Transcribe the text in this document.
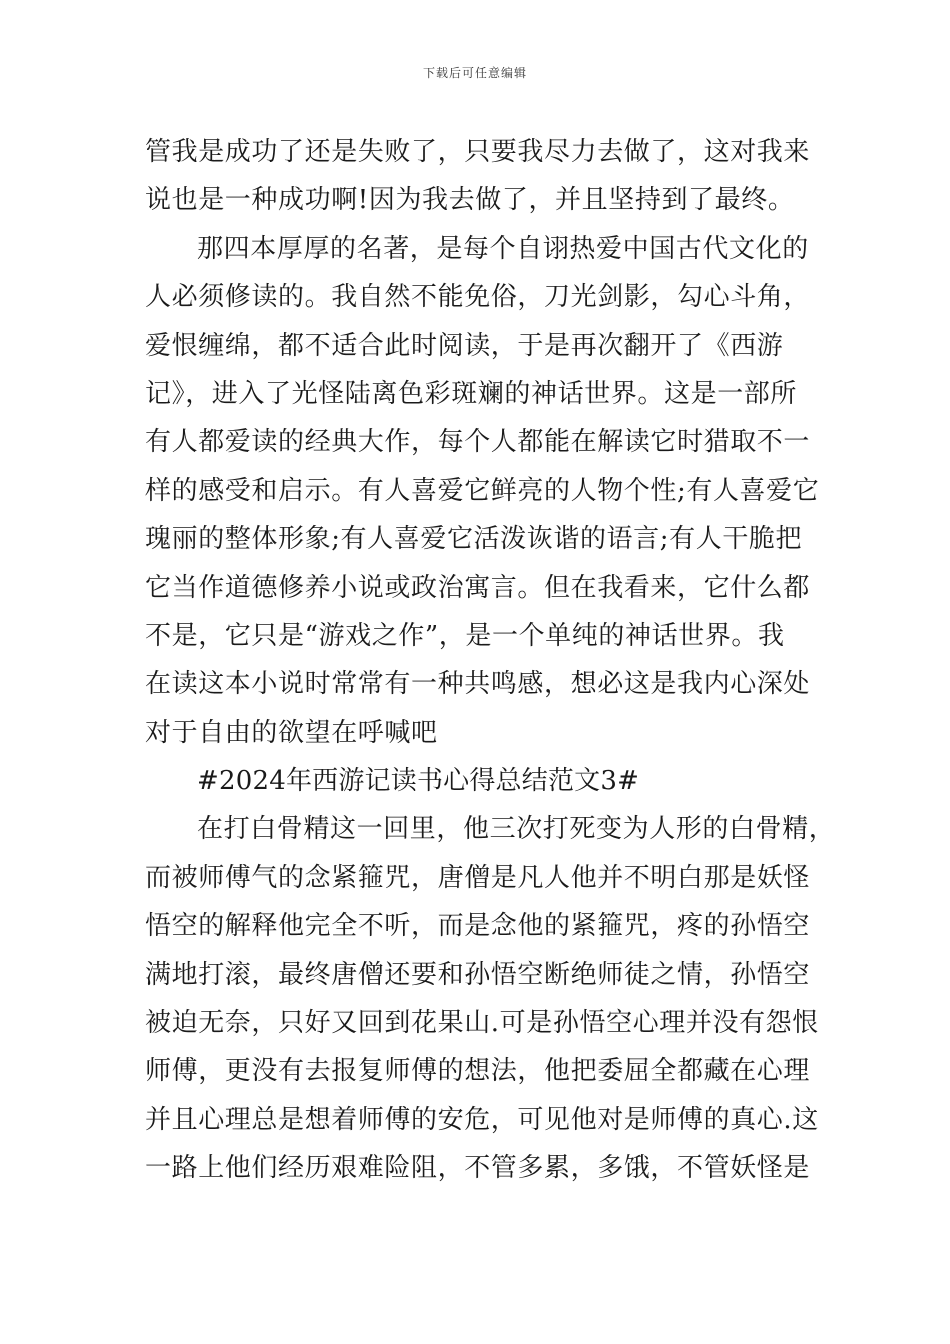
下载后可任意编辑
管我是成功了还是失败了，只要我尽力去做了，这对我来
说也是一种成功啊!因为我去做了，并且坚持到了最终。
那四本厚厚的名著，是每个自诩热爱中国古代文化的
人必须修读的。我自然不能免俗，刀光剑影，勾心斗角，
爱恨缠绵，都不适合此时阅读，于是再次翻开了《西游
记》，进入了光怪陆离色彩斑斓的神话世界。这是一部所
有人都爱读的经典大作，每个人都能在解读它时猎取不一
样的感受和启示。有人喜爱它鲜亮的人物个性;有人喜爱它
瑰丽的整体形象;有人喜爱它活泼诙谐的语言;有人干脆把
它当作道德修养小说或政治寓言。但在我看来，它什么都
不是，它只是“游戏之作”，是一个单纯的神话世界。我
在读这本小说时常常有一种共鸣感，想必这是我内心深处
对于自由的欲望在呼喊吧
#2024年西游记读书心得总结范文3#
在打白骨精这一回里，他三次打死变为人形的白骨精，
而被师傅气的念紧箍咒，唐僧是凡人他并不明白那是妖怪
悟空的解释他完全不听，而是念他的紧箍咒，疼的孙悟空
满地打滚，最终唐僧还要和孙悟空断绝师徒之情，孙悟空
被迫无奈，只好又回到花果山.可是孙悟空心理并没有怨恨
师傅，更没有去报复师傅的想法，他把委屈全都藏在心理
并且心理总是想着师傅的安危，可见他对是师傅的真心.这
一路上他们经历艰难险阻，不管多累，多饿，不管妖怪是
